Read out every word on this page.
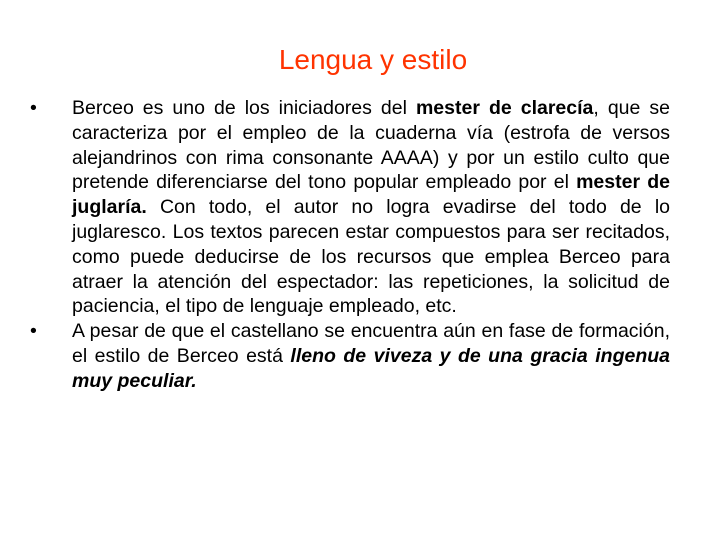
Lengua y estilo
•	Berceo es uno de los iniciadores del mester de clarecía, que se caracteriza por el empleo de la cuaderna vía (estrofa de versos alejandrinos con rima consonante AAAA) y por un estilo culto que pretende diferenciarse del tono popular empleado por el mester de juglaría. Con todo, el autor no logra evadirse del todo de lo juglaresco. Los textos parecen estar compuestos para ser recitados, como puede deducirse de los recursos que emplea Berceo para atraer la atención del espectador: las repeticiones, la solicitud de paciencia, el tipo de lenguaje empleado, etc.
•	A pesar de que el castellano se encuentra aún en fase de formación, el estilo de Berceo está lleno de viveza y de una gracia ingenua muy peculiar.
